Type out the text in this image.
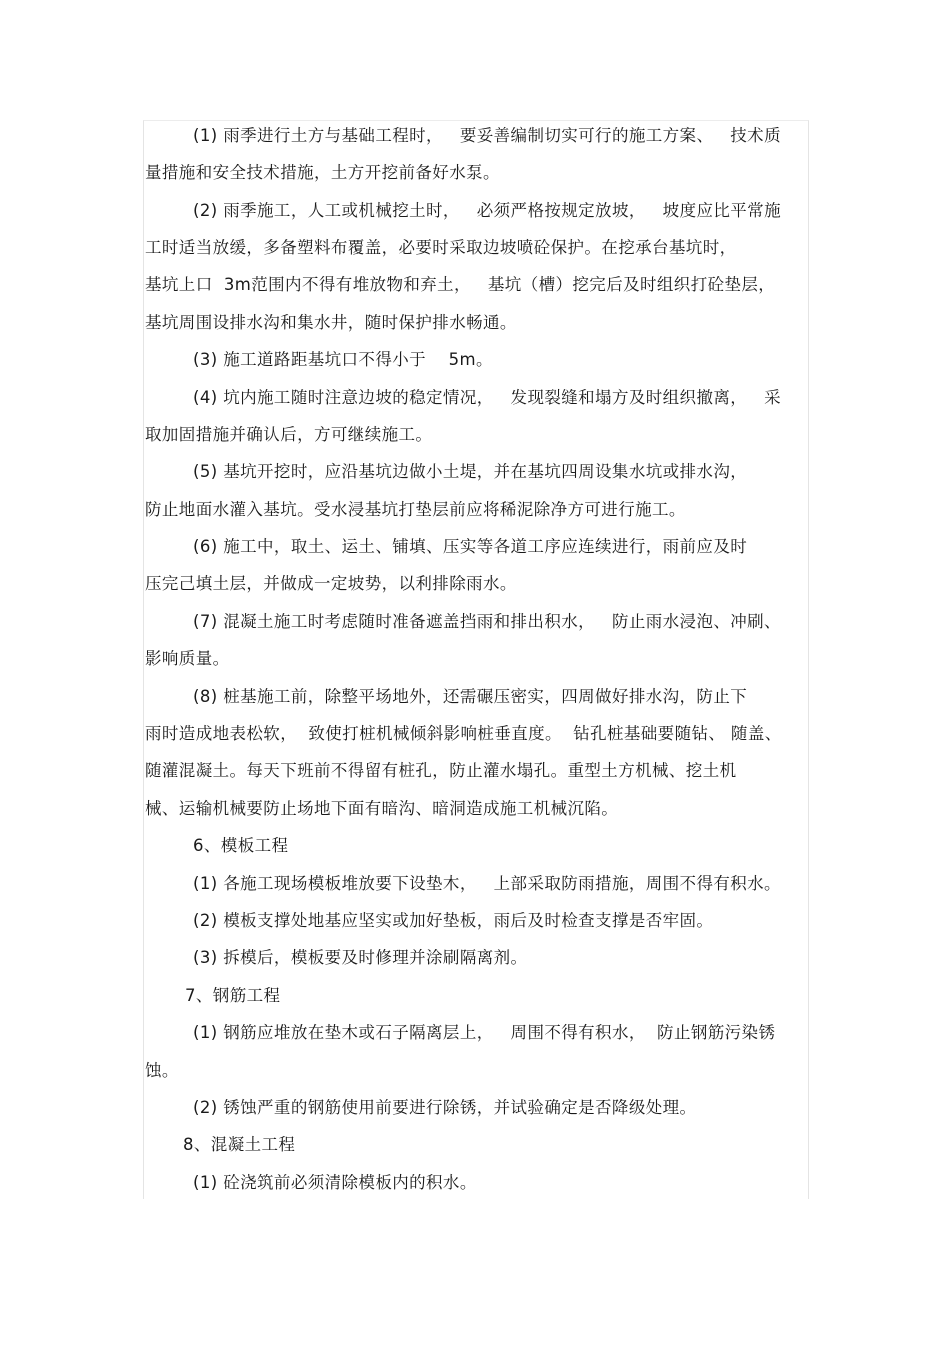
(1) 雨季进行土方与基础工程时，   要妥善编制切实可行的施工方案、   技术质
量措施和安全技术措施，土方开挖前备好水泵。
(2) 雨季施工，人工或机械挖土时，   必须严格按规定放坡，   坡度应比平常施
工时适当放缓，多备塑料布覆盖，必要时采取边坡喷砼保护。在挖承台基坑时，
基坑上口  3m范围内不得有堆放物和弃土，   基坑（槽）挖完后及时组织打砼垫层，
基坑周围设排水沟和集水井，随时保护排水畅通。
(3) 施工道路距基坑口不得小于    5m。
(4) 坑内施工随时注意边坡的稳定情况，   发现裂缝和塌方及时组织撤离，   采
取加固措施并确认后，方可继续施工。
(5) 基坑开挖时，应沿基坑边做小土堤，并在基坑四周设集水坑或排水沟，
防止地面水灌入基坑。受水浸基坑打垫层前应将稀泥除净方可进行施工。
(6) 施工中，取土、运土、铺填、压实等各道工序应连续进行，雨前应及时
压完己填土层，并做成一定坡势，以利排除雨水。
(7) 混凝土施工时考虑随时准备遮盖挡雨和排出积水，   防止雨水浸泡、冲刷、
影响质量。
(8) 桩基施工前，除整平场地外，还需碾压密实，四周做好排水沟，防止下
雨时造成地表松软，  致使打桩机械倾斜影响桩垂直度。  钻孔桩基础要随钻、 随盖、
随灌混凝土。每天下班前不得留有桩孔，防止灌水塌孔。重型土方机械、挖土机
械、运输机械要防止场地下面有暗沟、暗洞造成施工机械沉陷。
6、模板工程
(1) 各施工现场模板堆放要下设垫木，   上部采取防雨措施，周围不得有积水。
(2) 模板支撑处地基应坚实或加好垫板，雨后及时检查支撑是否牢固。
(3) 拆模后，模板要及时修理并涂刷隔离剂。
7、钢筋工程
(1) 钢筋应堆放在垫木或石子隔离层上，   周围不得有积水，  防止钢筋污染锈
蚀。
(2) 锈蚀严重的钢筋使用前要进行除锈，并试验确定是否降级处理。
8、混凝土工程
(1) 砼浇筑前必须清除模板内的积水。
